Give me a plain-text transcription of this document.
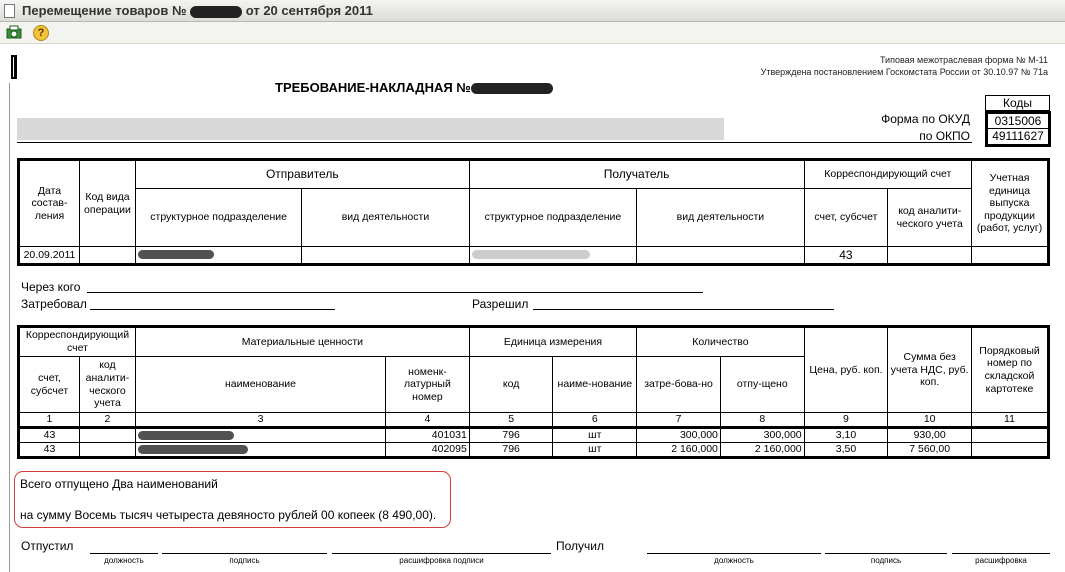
Перемещение товаров №	от 20 сентября 2011
?
Типовая межотраслевая форма № М-11
Утверждена постановлением Госкомстата России от 30.10.97 № 71а
ТРЕБОВАНИЕ-НАКЛАДНАЯ №
Коды
0315006
49111627
Форма по ОКУД
по ОКПО
Дата состав-ления	Код вида операции	Отправитель		Получатель		Корреспондирующий счет		Учетная единица выпуска продукции (работ, услуг)
		структурное подразделение	вид деятельности	структурное подразделение	вид деятельности	счет, субсчет	код аналити-ческого учета	
20.09.2011						43		
Через кого
Затребовал	Разрешил
Корреспондирующий счет		Материальные ценности		Единица измерения		Количество		Цена, руб. коп.	Сумма без учета НДС, руб. коп.	Порядковый номер по складской картотеке
счет, субсчет	код аналити-ческого учета	наименование	номенк-латурный номер	код	наиме-нование	затре-бова-но	отпу-щено			
1	2	3	4	5	6	7	8	9	10	11
43			401031	796	шт	300,000	300,000	3,10	930,00	
43			402095	796	шт	2 160,000	2 160,000	3,50	7 560,00	
Всего отпущено Два наименований
на сумму Восемь тысяч четыреста девяносто рублей 00 копеек (8 490,00).
Отпустил
должность	подпись	расшифровка подписи
Получил
должность	подпись	расшифровка
